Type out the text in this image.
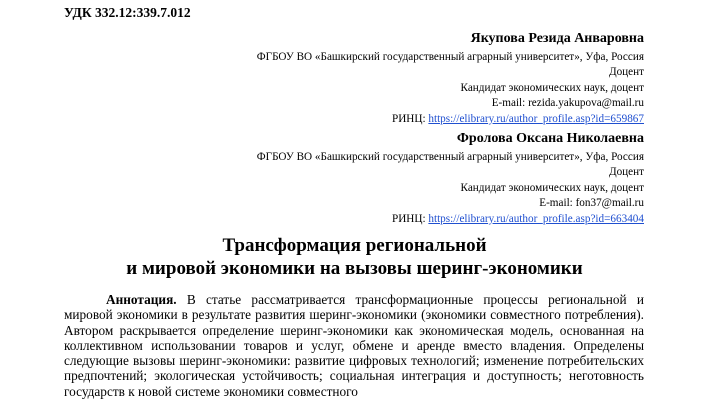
УДК 332.12:339.7.012
Якупова Резида Анваровна
ФГБОУ ВО «Башкирский государственный аграрный университет», Уфа, Россия
Доцент
Кандидат экономических наук, доцент
E-mail: rezida.yakupova@mail.ru
РИНЦ: https://elibrary.ru/author_profile.asp?id=659867
Фролова Оксана Николаевна
ФГБОУ ВО «Башкирский государственный аграрный университет», Уфа, Россия
Доцент
Кандидат экономических наук, доцент
E-mail: fon37@mail.ru
РИНЦ: https://elibrary.ru/author_profile.asp?id=663404
Трансформация региональной
и мировой экономики на вызовы шеринг-экономики

Аннотация. В статье рассматривается трансформационные процессы региональной и мировой экономики в результате развития шеринг-экономики (экономики совместного потребления). Автором раскрывается определение шеринг-экономики как экономическая модель, основанная на коллективном использовании товаров и услуг, обмене и аренде вместо владения. Определены следующие вызовы шеринг-экономики: развитие цифровых технологий; изменение потребительских предпочтений; экологическая устойчивость; социальная интеграция и доступность; неготовность государств к новой системе экономики совместного
